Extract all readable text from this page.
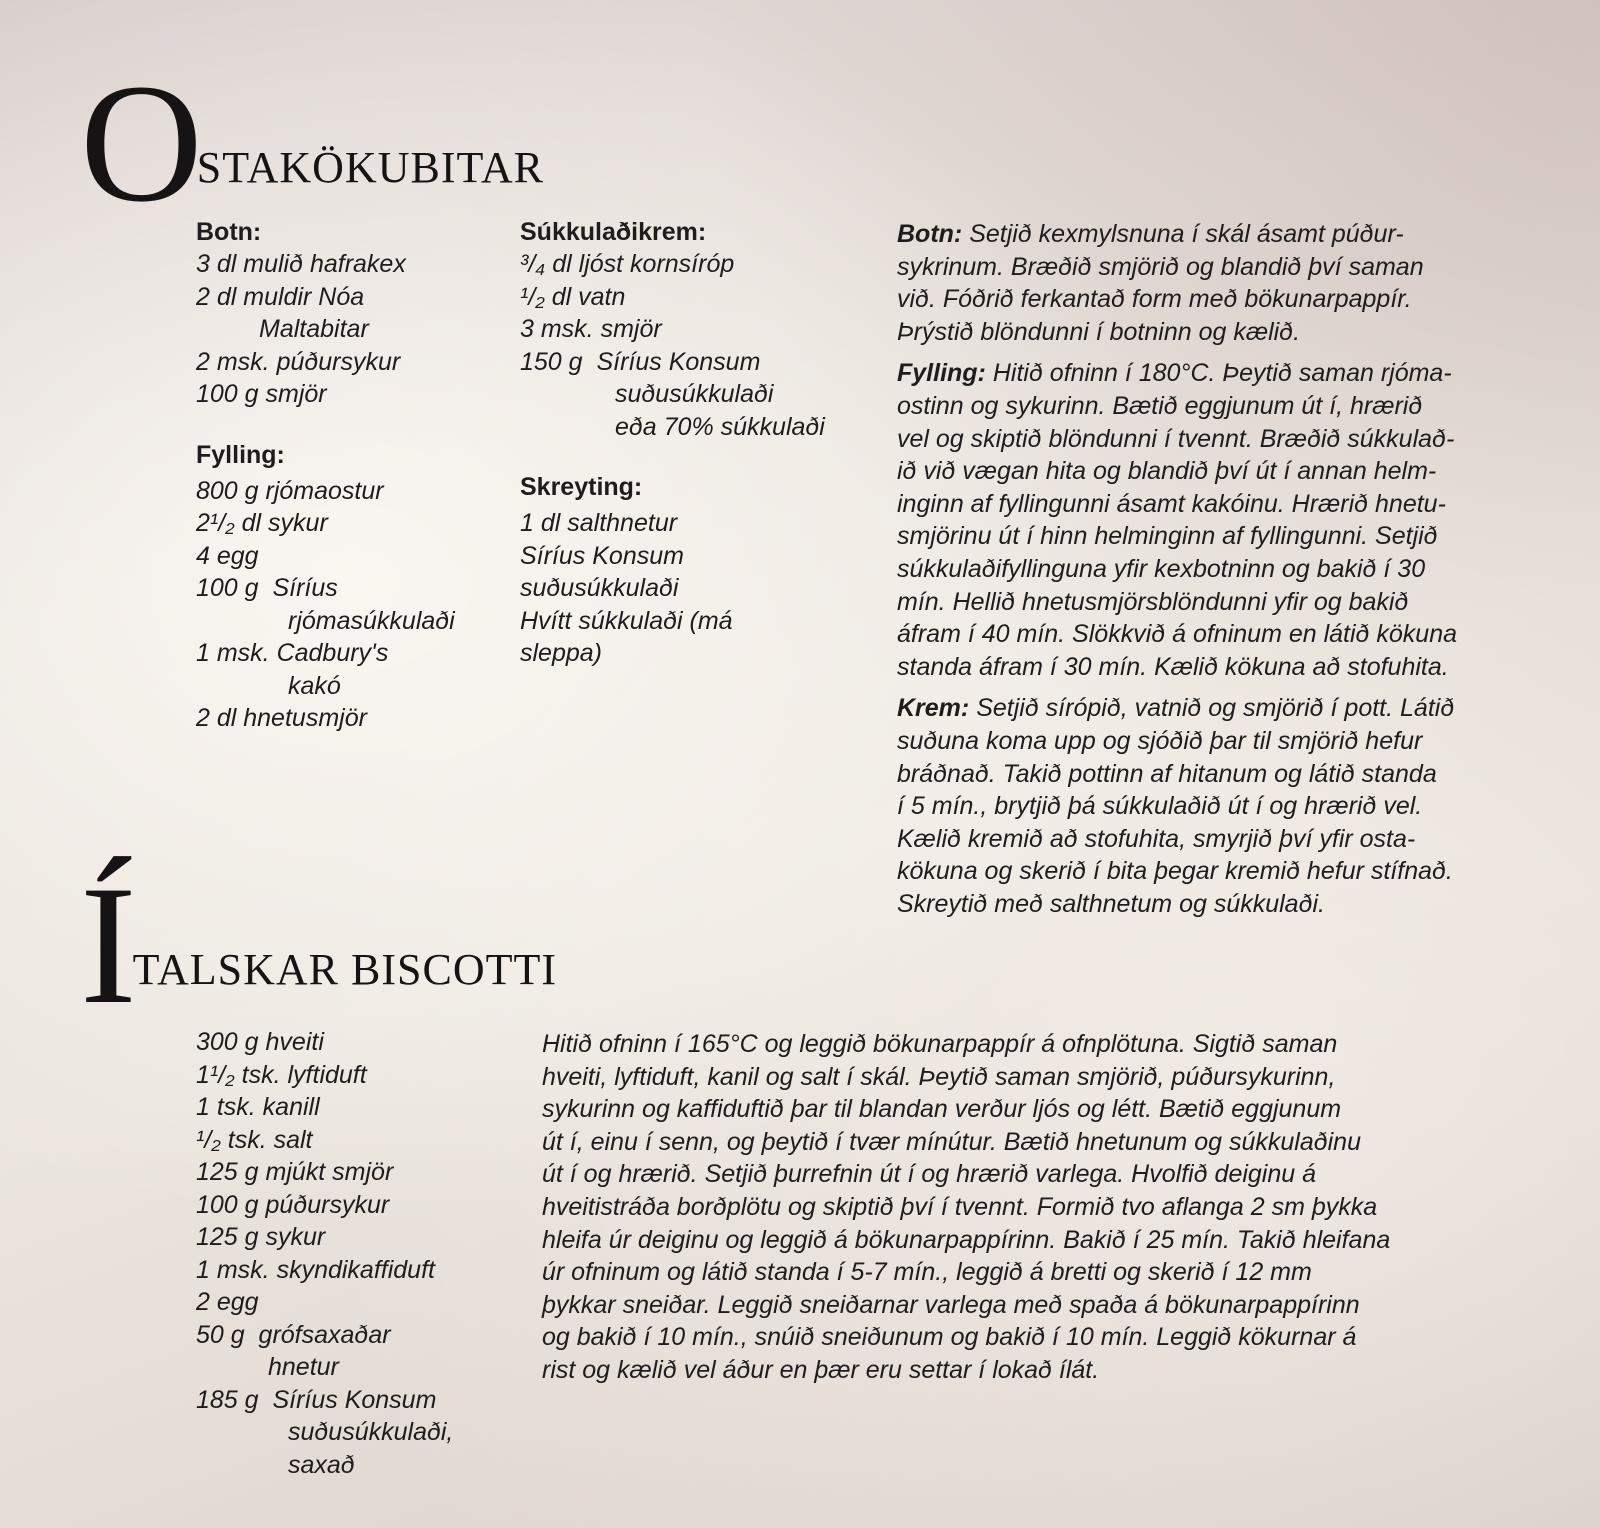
OSTAKÖKUBITAR
Botn:
3 dl mulið hafrakex
2 dl muldir Nóa
Maltabitar
2 msk. púðursykur
100 g smjör
Fylling:
800 g rjómaostur
2¹/₂ dl sykur
4 egg
100 g  Síríus
rjómasúkkulaði
1 msk. Cadbury's
kakó
2 dl hnetusmjör
Súkkulaðikrem:
³/₄ dl ljóst kornsíróp
¹/₂ dl vatn
3 msk. smjör
150 g  Síríus Konsum
suðusúkkulaði
eða 70% súkkulaði
Skreyting:
1 dl salthnetur
Síríus Konsum
suðusúkkulaði
Hvítt súkkulaði (má
sleppa)

Botn: Setjið kexmylsnuna í skál ásamt púður-
sykrinum. Bræðið smjörið og blandið því saman
við. Fóðrið ferkantað form með bökunarpappír.
Þrýstið blöndunni í botninn og kælið.

Fylling: Hitið ofninn í 180°C. Þeytið saman rjóma-
ostinn og sykurinn. Bætið eggjunum út í, hrærið
vel og skiptið blöndunni í tvennt. Bræðið súkkulað-
ið við vægan hita og blandið því út í annan helm-
inginn af fyllingunni ásamt kakóinu. Hrærið hnetu-
smjörinu út í hinn helminginn af fyllingunni. Setjið
súkkulaðifyllinguna yfir kexbotninn og bakið í 30
mín. Hellið hnetusmjörsblöndunni yfir og bakið
áfram í 40 mín. Slökkvið á ofninum en látið kökuna
standa áfram í 30 mín. Kælið kökuna að stofuhita.

Krem: Setjið sírópið, vatnið og smjörið í pott. Látið
suðuna koma upp og sjóðið þar til smjörið hefur
bráðnað. Takið pottinn af hitanum og látið standa
í 5 mín., brytjið þá súkkulaðið út í og hrærið vel.
Kælið kremið að stofuhita, smyrjið því yfir osta-
kökuna og skerið í bita þegar kremið hefur stífnað.
Skreytið með salthnetum og súkkulaði.

ÍTALSKAR BISCOTTI
300 g hveiti
1¹/₂ tsk. lyftiduft
1 tsk. kanill
¹/₂ tsk. salt
125 g mjúkt smjör
100 g púðursykur
125 g sykur
1 msk. skyndikaffiduft
2 egg
50 g  grófsaxaðar
hnetur
185 g  Síríus Konsum
suðusúkkulaði,
saxað

Hitið ofninn í 165°C og leggið bökunarpappír á ofnplötuna. Sigtið saman
hveiti, lyftiduft, kanil og salt í skál. Þeytið saman smjörið, púðursykurinn,
sykurinn og kaffiduftið þar til blandan verður ljós og létt. Bætið eggjunum
út í, einu í senn, og þeytið í tvær mínútur. Bætið hnetunum og súkkulaðinu
út í og hrærið. Setjið þurrefnin út í og hrærið varlega. Hvolfið deiginu á
hveitistráða borðplötu og skiptið því í tvennt. Formið tvo aflanga 2 sm þykka
hleifa úr deiginu og leggið á bökunarpappírinn. Bakið í 25 mín. Takið hleifana
úr ofninum og látið standa í 5-7 mín., leggið á bretti og skerið í 12 mm
þykkar sneiðar. Leggið sneiðarnar varlega með spaða á bökunarpappírinn
og bakið í 10 mín., snúið sneiðunum og bakið í 10 mín. Leggið kökurnar á
rist og kælið vel áður en þær eru settar í lokað ílát.
